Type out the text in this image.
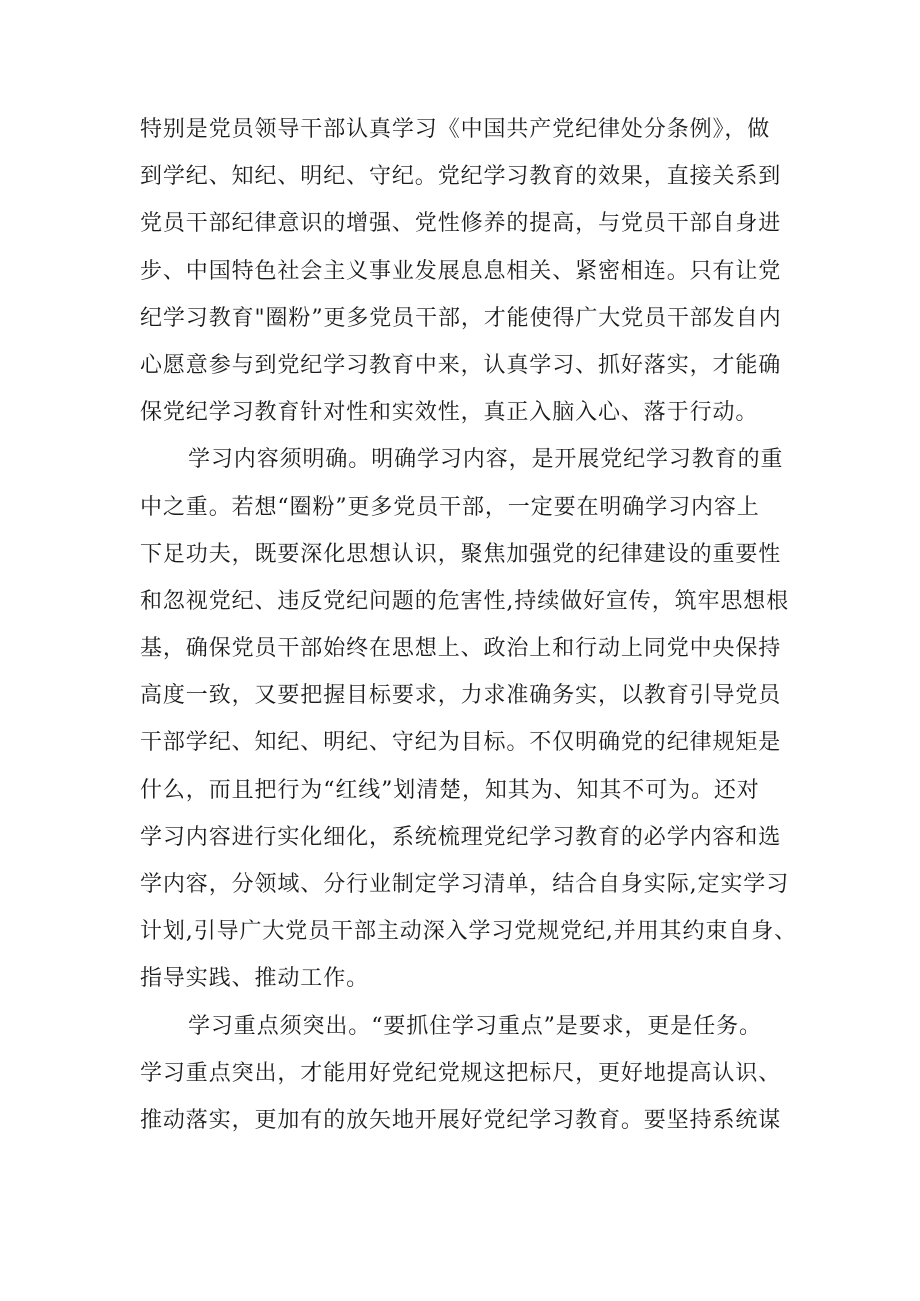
特别是党员领导干部认真学习《中国共产党纪律处分条例》，做
到学纪、知纪、明纪、守纪。党纪学习教育的效果，直接关系到
党员干部纪律意识的增强、党性修养的提高，与党员干部自身进
步、中国特色社会主义事业发展息息相关、紧密相连。只有让党
纪学习教育"圈粉”更多党员干部，才能使得广大党员干部发自内
心愿意参与到党纪学习教育中来，认真学习、抓好落实，才能确
保党纪学习教育针对性和实效性，真正入脑入心、落于行动。
学习内容须明确。明确学习内容，是开展党纪学习教育的重
中之重。若想“圈粉”更多党员干部，一定要在明确学习内容上
下足功夫，既要深化思想认识，聚焦加强党的纪律建设的重要性
和忽视党纪、违反党纪问题的危害性,持续做好宣传，筑牢思想根
基，确保党员干部始终在思想上、政治上和行动上同党中央保持
高度一致，又要把握目标要求，力求准确务实，以教育引导党员
干部学纪、知纪、明纪、守纪为目标。不仅明确党的纪律规矩是
什么，而且把行为“红线”划清楚，知其为、知其不可为。还对
学习内容进行实化细化，系统梳理党纪学习教育的必学内容和选
学内容，分领域、分行业制定学习清单，结合自身实际,定实学习
计划,引导广大党员干部主动深入学习党规党纪,并用其约束自身、
指导实践、推动工作。
学习重点须突出。“要抓住学习重点”是要求，更是任务。
学习重点突出，才能用好党纪党规这把标尺，更好地提高认识、
推动落实，更加有的放矢地开展好党纪学习教育。要坚持系统谋
